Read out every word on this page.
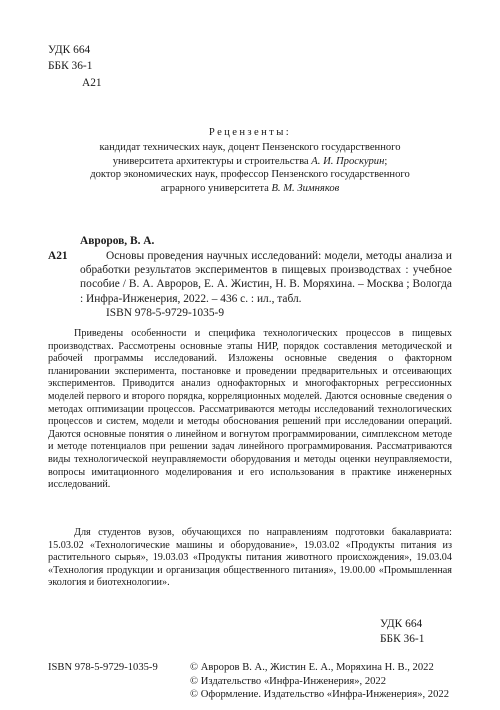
УДК 664
ББК 36-1
А21
Рецензенты:
кандидат технических наук, доцент Пензенского государственного университета архитектуры и строительства А. И. Проскурин;
доктор экономических наук, профессор Пензенского государственного аграрного университета В. М. Зимняков
Авроров, В. А.
А21	Основы проведения научных исследований: модели, методы анализа и обработки результатов экспериментов в пищевых производствах : учебное пособие / В. А. Авроров, Е. А. Жистин, Н. В. Моряхина. – Москва ; Вологда : Инфра-Инженерия, 2022. – 436 с. : ил., табл.
ISBN 978-5-9729-1035-9
Приведены особенности и специфика технологических процессов в пищевых производствах. Рассмотрены основные этапы НИР, порядок составления методической и рабочей программы исследований. Изложены основные сведения о факторном планировании эксперимента, постановке и проведении предварительных и отсеивающих экспериментов. Приводится анализ однофакторных и многофакторных регрессионных моделей первого и второго порядка, корреляционных моделей. Даются основные сведения о методах оптимизации процессов. Рассматриваются методы исследований технологических процессов и систем, модели и методы обоснования решений при исследовании операций. Даются основные понятия о линейном и вогнутом программировании, симплексном методе и методе потенциалов при решении задач линейного программирования. Рассматриваются виды технологической неуправляемости оборудования и методы оценки неуправляемости, вопросы имитационного моделирования и его использования в практике инженерных исследований.
Для студентов вузов, обучающихся по направлениям подготовки бакалавриата: 15.03.02 «Технологические машины и оборудование», 19.03.02 «Продукты питания из растительного сырья», 19.03.03 «Продукты питания животного происхождения», 19.03.04 «Технология продукции и организация общественного питания», 19.00.00 «Промышленная экология и биотехнологии».
УДК 664
ББК 36-1
ISBN 978-5-9729-1035-9	© Авроров В. А., Жистин Е. А., Моряхина Н. В., 2022
© Издательство «Инфра-Инженерия», 2022
© Оформление. Издательство «Инфра-Инженерия», 2022
